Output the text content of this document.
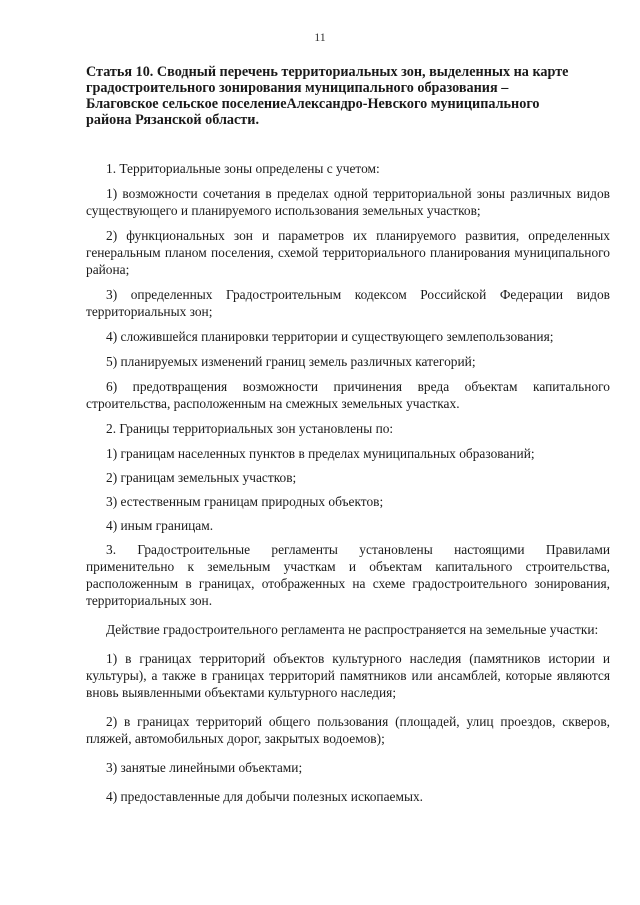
11
Статья 10. Сводный перечень территориальных зон, выделенных на карте градостроительного зонирования муниципального образования – Благовское сельское поселениеАлександро-Невского муниципального района Рязанской области.

1. Территориальные зоны определены с учетом:

1) возможности сочетания в пределах одной территориальной зоны различных видов существующего и планируемого использования земельных участков;

2) функциональных зон и параметров их планируемого развития, определенных генеральным планом поселения, схемой территориального планирования муниципального района;

3) определенных Градостроительным кодексом Российской Федерации видов территориальных зон;

4) сложившейся планировки территории и существующего землепользования;

5) планируемых изменений границ земель различных категорий;

6) предотвращения возможности причинения вреда объектам капитального строительства, расположенным на смежных земельных участках.

2. Границы территориальных зон установлены по:

1) границам населенных пунктов в пределах муниципальных образований;

2) границам земельных участков;

3) естественным границам природных объектов;

4) иным границам.

3. Градостроительные регламенты установлены настоящими Правилами применительно к земельным участкам и объектам капитального строительства, расположенным в границах, отображенных на схеме градостроительного зонирования, территориальных зон.

Действие градостроительного регламента не распространяется на земельные участки:

1) в границах территорий объектов культурного наследия (памятников истории и культуры), а также в границах территорий памятников или ансамблей, которые являются вновь выявленными объектами культурного наследия;

2) в границах территорий общего пользования (площадей, улиц проездов, скверов, пляжей, автомобильных дорог, закрытых водоемов);

3) занятые линейными объектами;

4) предоставленные для добычи полезных ископаемых.
